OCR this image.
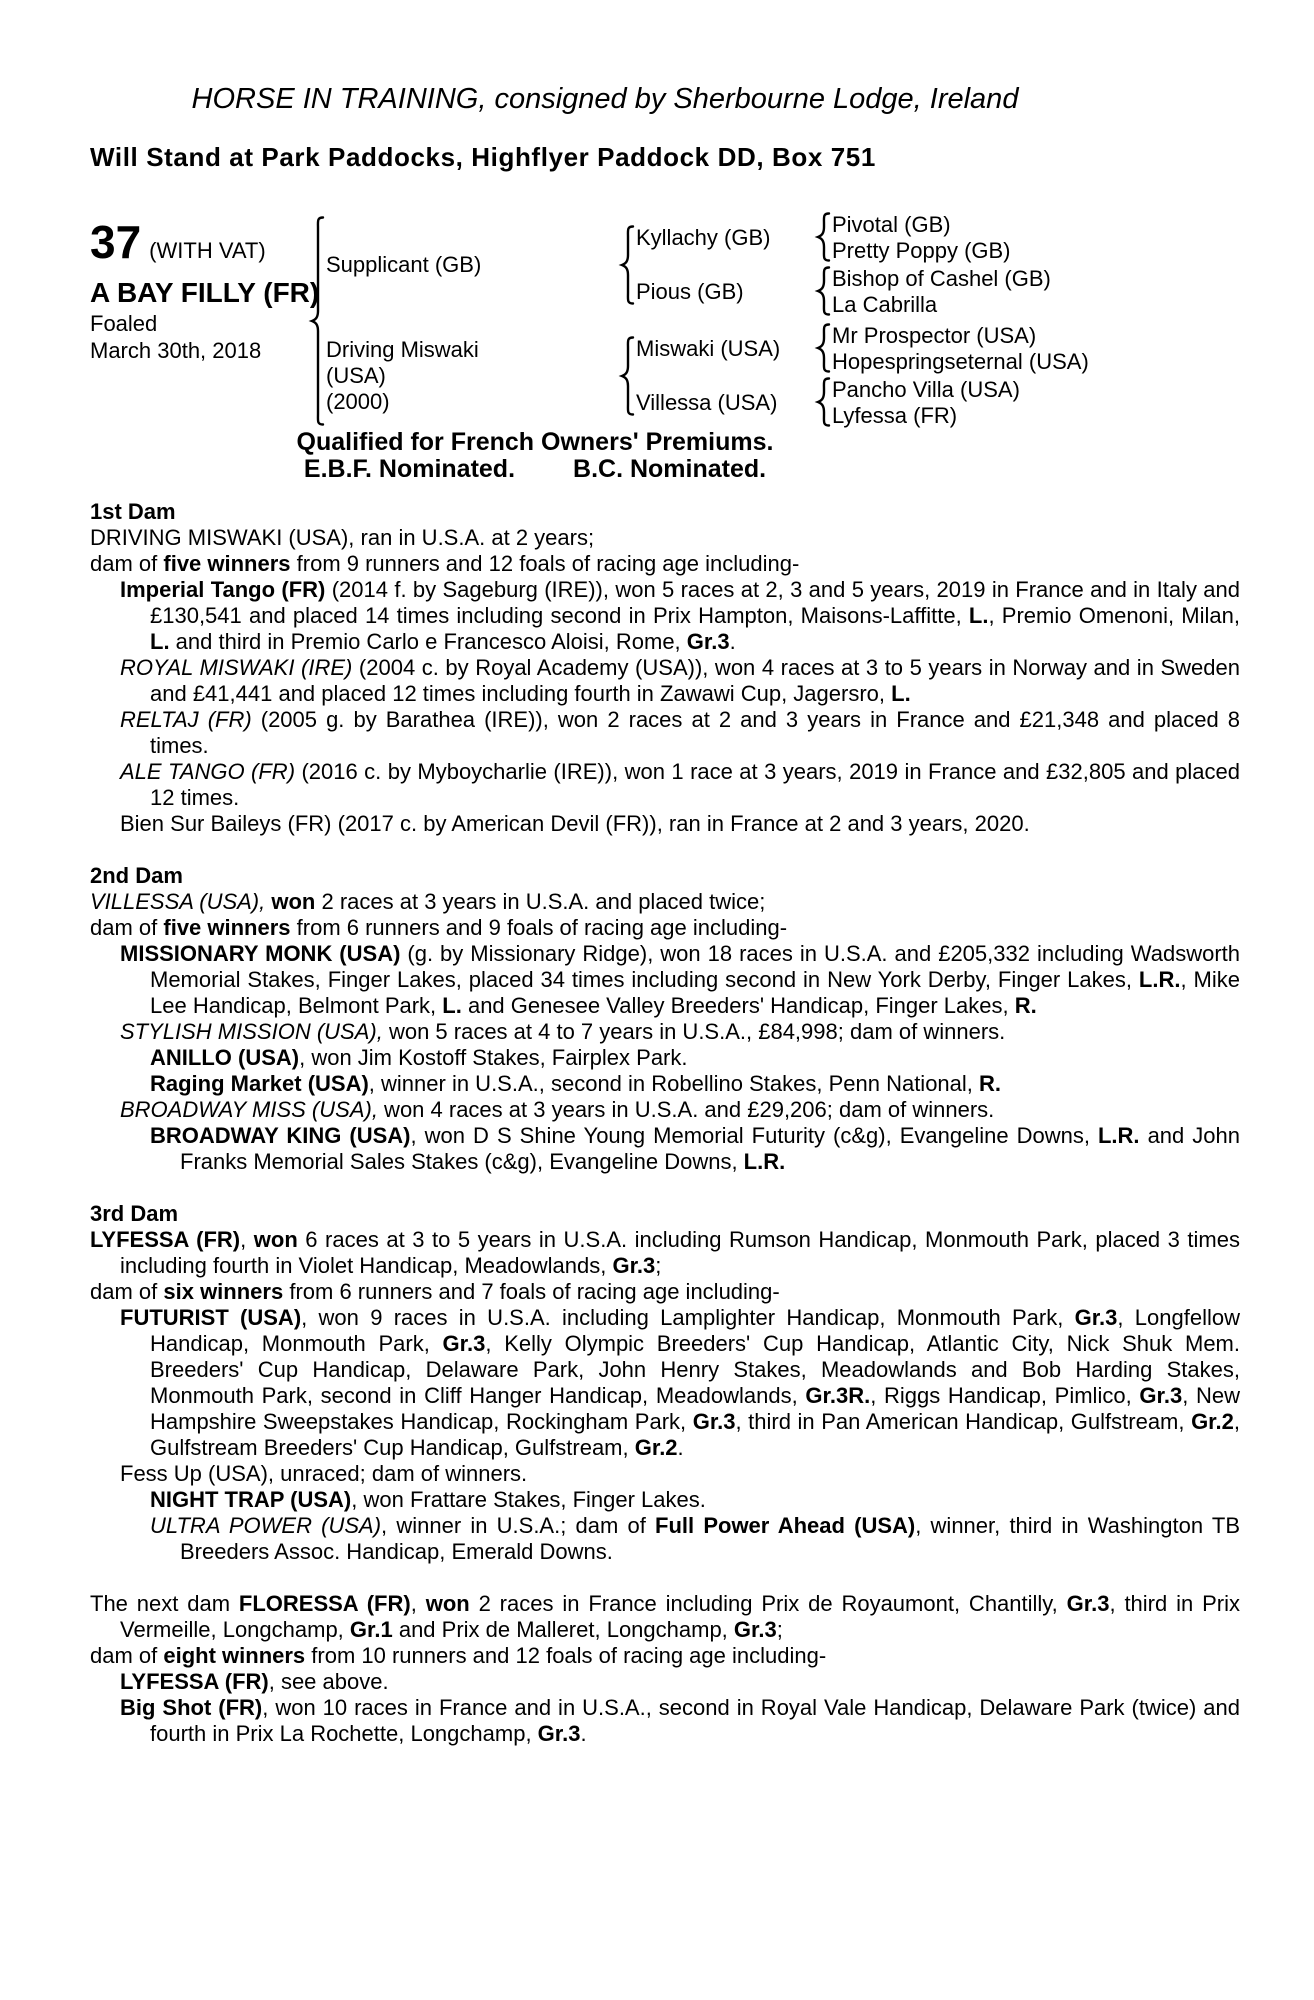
HORSE IN TRAINING, consigned by Sherbourne Lodge, Ireland
Will Stand at Park Paddocks, Highflyer Paddock DD, Box 751
37 (WITH VAT)
A BAY FILLY (FR)
Foaled
March 30th, 2018
Supplicant (GB)
Kyllachy (GB)
Pivotal (GB)
Pretty Poppy (GB)
Pious (GB)
Bishop of Cashel (GB)
La Cabrilla
Driving Miswaki
(USA)
(2000)
Miswaki (USA)
Mr Prospector (USA)
Hopespringseternal (USA)
Villessa (USA)
Pancho Villa (USA)
Lyfessa (FR)
Qualified for French Owners' Premiums.
E.B.F. Nominated. B.C. Nominated.
1st Dam
DRIVING MISWAKI (USA), ran in U.S.A. at 2 years;
dam of five winners from 9 runners and 12 foals of racing age including-
Imperial Tango (FR) (2014 f. by Sageburg (IRE)), won 5 races at 2, 3 and 5 years, 2019 in France and in Italy and £130,541 and placed 14 times including second in Prix Hampton, Maisons-Laffitte, L., Premio Omenoni, Milan, L. and third in Premio Carlo e Francesco Aloisi, Rome, Gr.3.
ROYAL MISWAKI (IRE) (2004 c. by Royal Academy (USA)), won 4 races at 3 to 5 years in Norway and in Sweden and £41,441 and placed 12 times including fourth in Zawawi Cup, Jagersro, L.
RELTAJ (FR) (2005 g. by Barathea (IRE)), won 2 races at 2 and 3 years in France and £21,348 and placed 8 times.
ALE TANGO (FR) (2016 c. by Myboycharlie (IRE)), won 1 race at 3 years, 2019 in France and £32,805 and placed 12 times.
Bien Sur Baileys (FR) (2017 c. by American Devil (FR)), ran in France at 2 and 3 years, 2020.
2nd Dam
VILLESSA (USA), won 2 races at 3 years in U.S.A. and placed twice;
dam of five winners from 6 runners and 9 foals of racing age including-
MISSIONARY MONK (USA) (g. by Missionary Ridge), won 18 races in U.S.A. and £205,332 including Wadsworth Memorial Stakes, Finger Lakes, placed 34 times including second in New York Derby, Finger Lakes, L.R., Mike Lee Handicap, Belmont Park, L. and Genesee Valley Breeders' Handicap, Finger Lakes, R.
STYLISH MISSION (USA), won 5 races at 4 to 7 years in U.S.A., £84,998; dam of winners.
ANILLO (USA), won Jim Kostoff Stakes, Fairplex Park.
Raging Market (USA), winner in U.S.A., second in Robellino Stakes, Penn National, R.
BROADWAY MISS (USA), won 4 races at 3 years in U.S.A. and £29,206; dam of winners.
BROADWAY KING (USA), won D S Shine Young Memorial Futurity (c&g), Evangeline Downs, L.R. and John Franks Memorial Sales Stakes (c&g), Evangeline Downs, L.R.
3rd Dam
LYFESSA (FR), won 6 races at 3 to 5 years in U.S.A. including Rumson Handicap, Monmouth Park, placed 3 times including fourth in Violet Handicap, Meadowlands, Gr.3;
dam of six winners from 6 runners and 7 foals of racing age including-
FUTURIST (USA), won 9 races in U.S.A. including Lamplighter Handicap, Monmouth Park, Gr.3, Longfellow Handicap, Monmouth Park, Gr.3, Kelly Olympic Breeders' Cup Handicap, Atlantic City, Nick Shuk Mem. Breeders' Cup Handicap, Delaware Park, John Henry Stakes, Meadowlands and Bob Harding Stakes, Monmouth Park, second in Cliff Hanger Handicap, Meadowlands, Gr.3R., Riggs Handicap, Pimlico, Gr.3, New Hampshire Sweepstakes Handicap, Rockingham Park, Gr.3, third in Pan American Handicap, Gulfstream, Gr.2, Gulfstream Breeders' Cup Handicap, Gulfstream, Gr.2.
Fess Up (USA), unraced; dam of winners.
NIGHT TRAP (USA), won Frattare Stakes, Finger Lakes.
ULTRA POWER (USA), winner in U.S.A.; dam of Full Power Ahead (USA), winner, third in Washington TB Breeders Assoc. Handicap, Emerald Downs.
The next dam FLORESSA (FR), won 2 races in France including Prix de Royaumont, Chantilly, Gr.3, third in Prix Vermeille, Longchamp, Gr.1 and Prix de Malleret, Longchamp, Gr.3;
dam of eight winners from 10 runners and 12 foals of racing age including-
LYFESSA (FR), see above.
Big Shot (FR), won 10 races in France and in U.S.A., second in Royal Vale Handicap, Delaware Park (twice) and fourth in Prix La Rochette, Longchamp, Gr.3.
